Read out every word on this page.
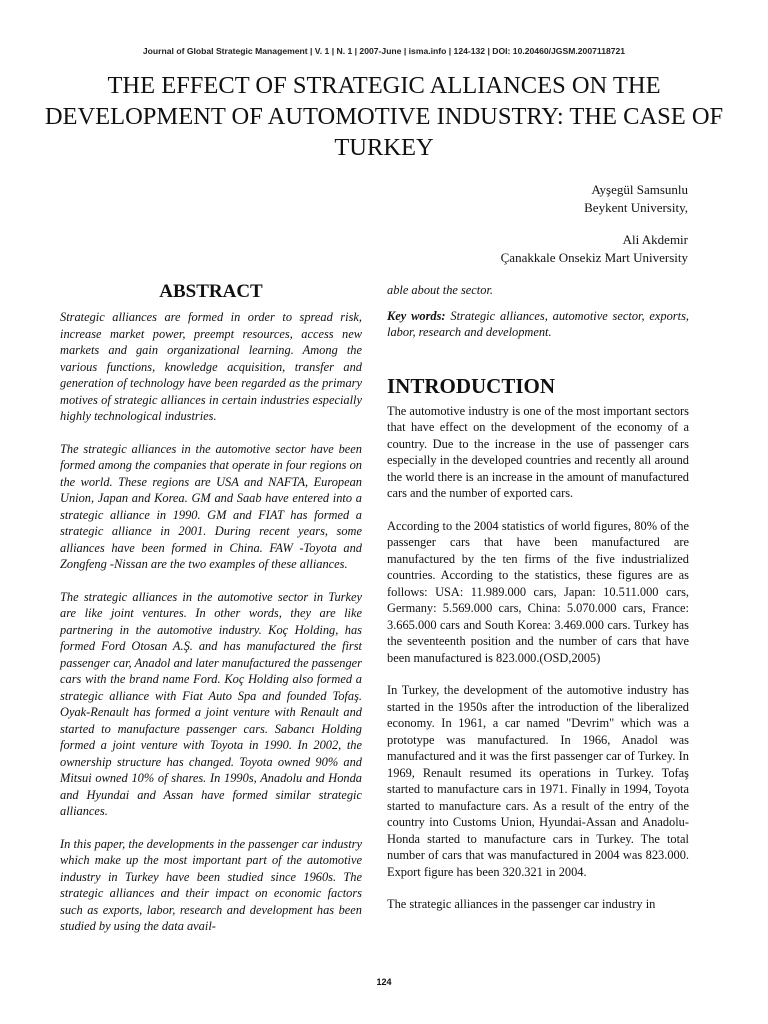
Journal of Global Strategic Management | V. 1 | N. 1 | 2007-June | isma.info | 124-132 | DOI: 10.20460/JGSM.2007118721
THE EFFECT OF STRATEGIC ALLIANCES ON THE DEVELOPMENT OF AUTOMOTIVE INDUSTRY: THE CASE OF TURKEY
Ayşegül Samsunlu
Beykent University,
Ali Akdemir
Çanakkale Onsekiz Mart University
ABSTRACT

Strategic alliances are formed in order to spread risk, increase market power, preempt resources, access new markets and gain organizational learning. Among the various functions, knowledge acquisition, transfer and generation of technology have been regarded as the primary motives of strategic alliances in certain industries especially highly technological industries.

The strategic alliances in the automotive sector have been formed among the companies that operate in four regions on the world. These regions are USA and NAFTA, European Union, Japan and Korea. GM and Saab have entered into a strategic alliance in 1990. GM and FIAT has formed a strategic alliance in 2001. During recent years, some alliances have been formed in China. FAW -Toyota and Zongfeng -Nissan are the two examples of these alliances.

The strategic alliances in the automotive sector in Turkey are like joint ventures. In other words, they are like partnering in the automotive industry. Koç Holding, has formed Ford Otosan A.Ş. and has manufactured the first passenger car, Anadol and later manufactured the passenger cars with the brand name Ford. Koç Holding also formed a strategic alliance with Fiat Auto Spa and founded Tofaş. Oyak-Renault has formed a joint venture with Renault and started to manufacture passenger cars. Sabancı Holding formed a joint venture with Toyota in 1990. In 2002, the ownership structure has changed. Toyota owned 90% and Mitsui owned 10% of shares. In 1990s, Anadolu and Honda and Hyundai and Assan have formed similar strategic alliances.

In this paper, the developments in the passenger car industry which make up the most important part of the automotive industry in Turkey have been studied since 1960s. The strategic alliances and their impact on economic factors such as exports, labor, research and development has been studied by using the data avail-

able about the sector.

Key words: Strategic alliances, automotive sector, exports, labor, research and development.

INTRODUCTION

The automotive industry is one of the most important sectors that have effect on the development of the economy of a country. Due to the increase in the use of passenger cars especially in the developed countries and recently all around the world there is an increase in the amount of manufactured cars and the number of exported cars.

According to the 2004 statistics of world figures, 80% of the passenger cars that have been manufactured are manufactured by the ten firms of the five industrialized countries. According to the statistics, these figures are as follows: USA: 11.989.000 cars, Japan: 10.511.000 cars, Germany: 5.569.000 cars, China: 5.070.000 cars, France: 3.665.000 cars and South Korea: 3.469.000 cars. Turkey has the seventeenth position and the number of cars that have been manufactured is 823.000.(OSD,2005)

In Turkey, the development of the automotive industry has started in the 1950s after the introduction of the liberalized economy. In 1961, a car named "Devrim" which was a prototype was manufactured. In 1966, Anadol was manufactured and it was the first passenger car of Turkey. In 1969, Renault resumed its operations in Turkey. Tofaş started to manufacture cars in 1971. Finally in 1994, Toyota started to manufacture cars. As a result of the entry of the country into Customs Union, Hyundai-Assan and Anadolu-Honda started to manufacture cars in Turkey. The total number of cars that was manufactured in 2004 was 823.000. Export figure has been 320.321 in 2004.

The strategic alliances in the passenger car industry in

124
